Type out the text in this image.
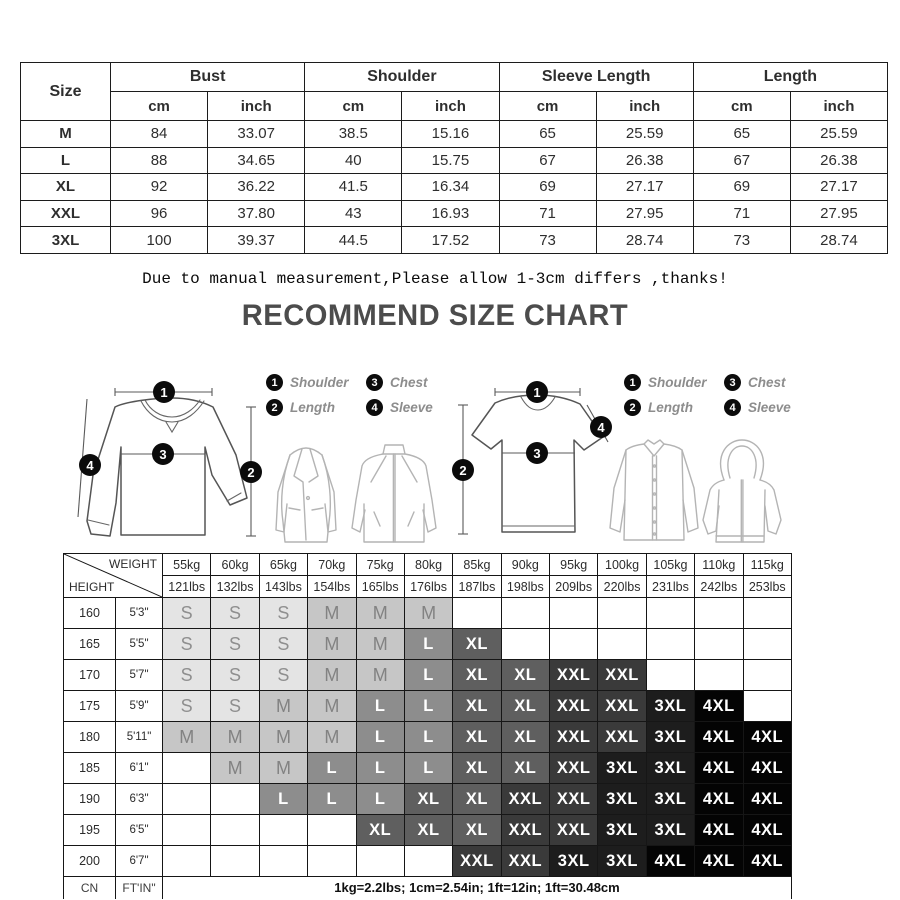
Size	Bust		Shoulder		Sleeve Length		Length	
	cm	inch	cm	inch	cm	inch	cm	inch
M	84	33.07	38.5	15.16	65	25.59	65	25.59
L	88	34.65	40	15.75	67	26.38	67	26.38
XL	92	36.22	41.5	16.34	69	27.17	69	27.17
XXL	96	37.80	43	16.93	71	27.95	71	27.95
3XL	100	39.37	44.5	17.52	73	28.74	73	28.74
Due to manual measurement,Please allow 1-3cm differs ,thanks!
RECOMMEND SIZE CHART
1
3
4	2
1 Shoulder	3 Chest
2 Length	4 Sleeve
1
4
3
2
1 Shoulder	3 Chest
2 Length	4 Sleeve
WEIGHT
HEIGHT		55kg	60kg	65kg	70kg	75kg	80kg	85kg	90kg	95kg	100kg	105kg	110kg	115kg
		121lbs	132lbs	143lbs	154lbs	165lbs	176lbs	187lbs	198lbs	209lbs	220lbs	231lbs	242lbs	253lbs
160	5'3"	S	S	S	M	M	M							
165	5'5"	S	S	S	M	M	L	XL						
170	5'7"	S	S	S	M	M	L	XL	XL	XXL	XXL			
175	5'9"	S	S	M	M	L	L	XL	XL	XXL	XXL	3XL	4XL	
180	5'11"	M	M	M	M	L	L	XL	XL	XXL	XXL	3XL	4XL	4XL
185	6'1"		M	M	L	L	L	XL	XL	XXL	3XL	3XL	4XL	4XL
190	6'3"			L	L	L	XL	XL	XXL	XXL	3XL	3XL	4XL	4XL
195	6'5"					XL	XL	XL	XXL	XXL	3XL	3XL	4XL	4XL
200	6'7"							XXL	XXL	3XL	3XL	4XL	4XL	4XL
CN	FT'IN"	1kg=2.2lbs; 1cm=2.54in; 1ft=12in; 1ft=30.48cm												
